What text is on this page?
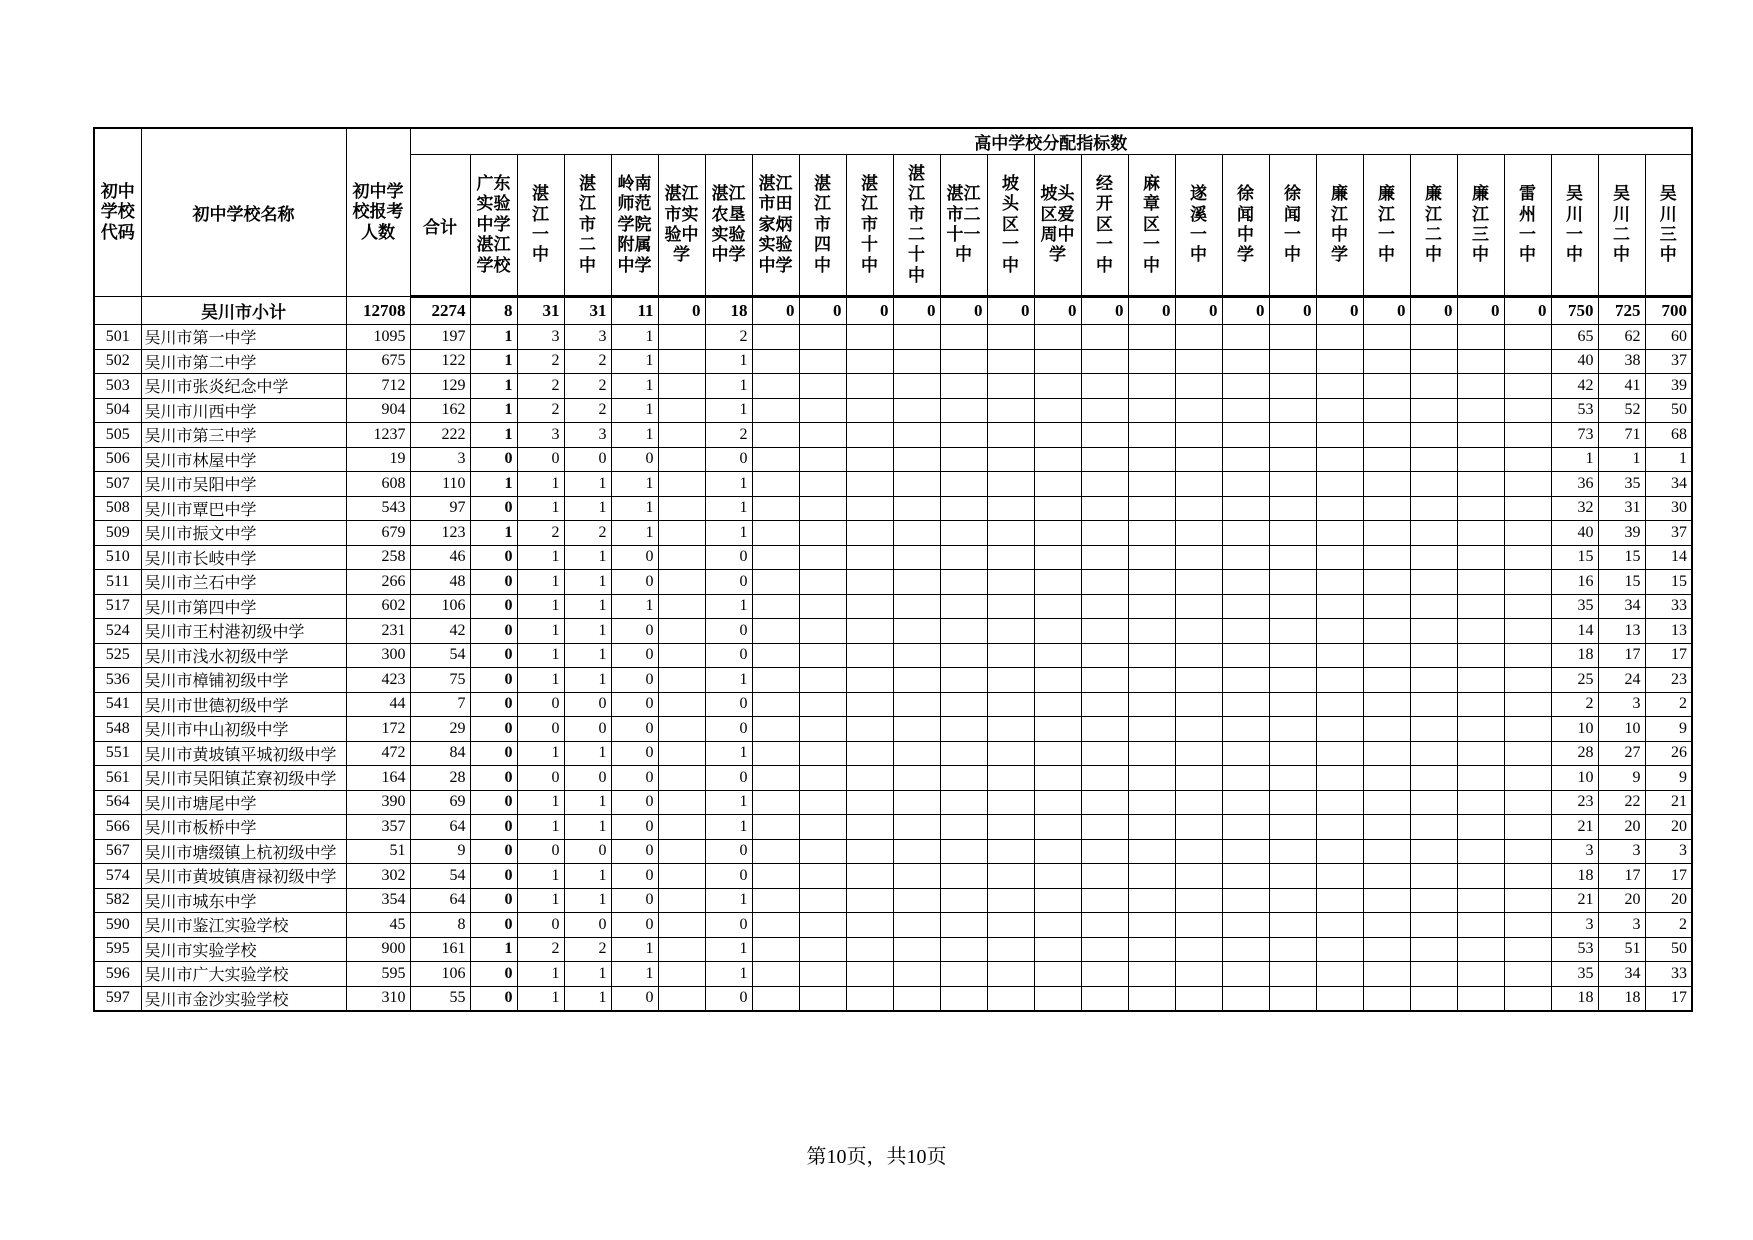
初中学校代码	初中学校名称	初中学校报考人数	高中学校分配指标数																										
			合计	广东实验中学湛江学校	湛江一中	湛江市二中	岭南师范学院附属中学	湛江市实验中学	湛江农垦实验中学	湛江市田家炳实验中学	湛江市四中	湛江市十中	湛江市二十中	湛江市二十一中	坡头区一中	坡头区爱周中学	经开区一中	麻章区一中	遂溪一中	徐闻中学	徐闻一中	廉江中学	廉江一中	廉江二中	廉江三中	雷州一中	吴川一中	吴川二中	吴川三中
	吴川市小计	12708	2274	8	31	31	11	0	18	0	0	0	0	0	0	0	0	0	0	0	0	0	0	0	0	0	750	725	700
501	吴川市第一中学	1095	197	1	3	3	1		2																		65	62	60
502	吴川市第二中学	675	122	1	2	2	1		1																		40	38	37
503	吴川市张炎纪念中学	712	129	1	2	2	1		1																		42	41	39
504	吴川市川西中学	904	162	1	2	2	1		1																		53	52	50
505	吴川市第三中学	1237	222	1	3	3	1		2																		73	71	68
506	吴川市林屋中学	19	3	0	0	0	0		0																		1	1	1
507	吴川市吴阳中学	608	110	1	1	1	1		1																		36	35	34
508	吴川市覃巴中学	543	97	0	1	1	1		1																		32	31	30
509	吴川市振文中学	679	123	1	2	2	1		1																		40	39	37
510	吴川市长岐中学	258	46	0	1	1	0		0																		15	15	14
511	吴川市兰石中学	266	48	0	1	1	0		0																		16	15	15
517	吴川市第四中学	602	106	0	1	1	1		1																		35	34	33
524	吴川市王村港初级中学	231	42	0	1	1	0		0																		14	13	13
525	吴川市浅水初级中学	300	54	0	1	1	0		0																		18	17	17
536	吴川市樟铺初级中学	423	75	0	1	1	0		1																		25	24	23
541	吴川市世德初级中学	44	7	0	0	0	0		0																		2	3	2
548	吴川市中山初级中学	172	29	0	0	0	0		0																		10	10	9
551	吴川市黄坡镇平城初级中学	472	84	0	1	1	0		1																		28	27	26
561	吴川市吴阳镇芷寮初级中学	164	28	0	0	0	0		0																		10	9	9
564	吴川市塘尾中学	390	69	0	1	1	0		1																		23	22	21
566	吴川市板桥中学	357	64	0	1	1	0		1																		21	20	20
567	吴川市塘缀镇上杭初级中学	51	9	0	0	0	0		0																		3	3	3
574	吴川市黄坡镇唐禄初级中学	302	54	0	1	1	0		0																		18	17	17
582	吴川市城东中学	354	64	0	1	1	0		1																		21	20	20
590	吴川市鉴江实验学校	45	8	0	0	0	0		0																		3	3	2
595	吴川市实验学校	900	161	1	2	2	1		1																		53	51	50
596	吴川市广大实验学校	595	106	0	1	1	1		1																		35	34	33
597	吴川市金沙实验学校	310	55	0	1	1	0		0																		18	18	17
第10页，共10页
